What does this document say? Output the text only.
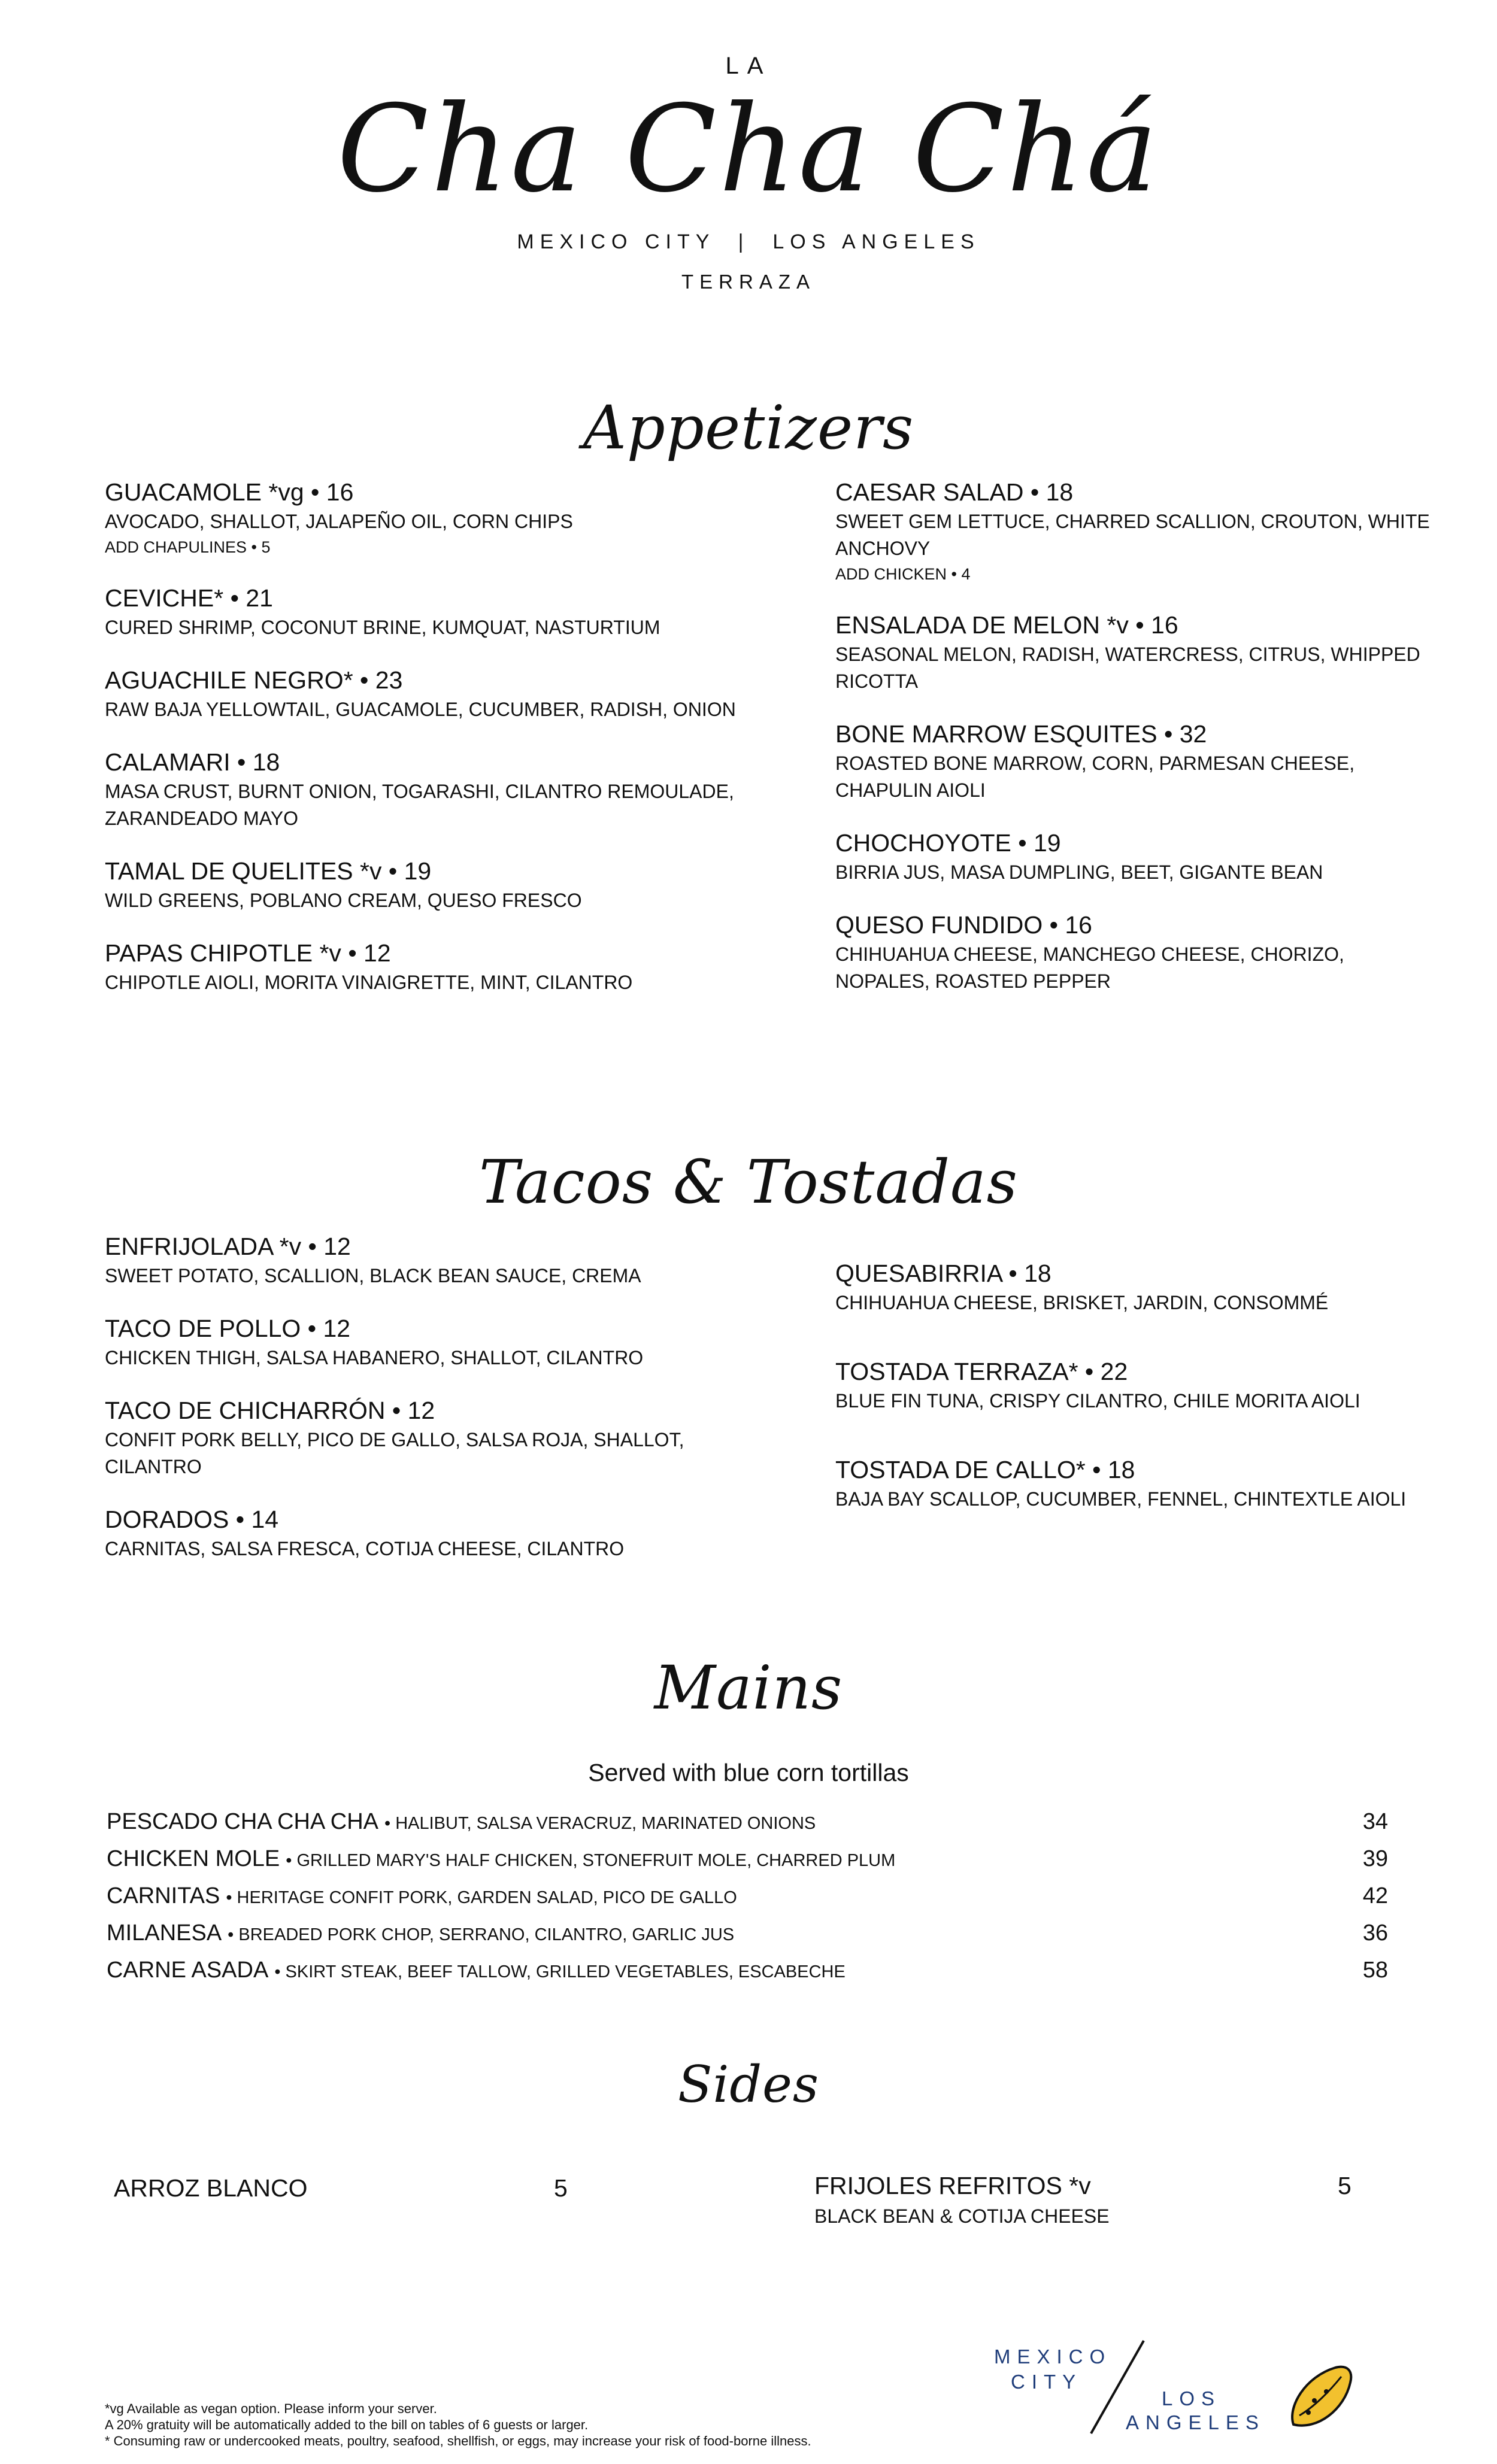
LA
Cha Cha Chá
MEXICO CITY  |  LOS ANGELES
TERRAZA
Appetizers
GUACAMOLE *vg • 16
AVOCADO, SHALLOT, JALAPEÑO OIL, CORN CHIPS
ADD CHAPULINES • 5
CEVICHE* • 21
CURED SHRIMP, COCONUT BRINE, KUMQUAT, NASTURTIUM
AGUACHILE NEGRO* • 23
RAW BAJA YELLOWTAIL, GUACAMOLE, CUCUMBER, RADISH, ONION
CALAMARI • 18
MASA CRUST, BURNT ONION, TOGARASHI, CILANTRO REMOULADE, ZARANDEADO MAYO
TAMAL DE QUELITES *v • 19
WILD GREENS, POBLANO CREAM, QUESO FRESCO
PAPAS CHIPOTLE *v • 12
CHIPOTLE AIOLI, MORITA VINAIGRETTE, MINT, CILANTRO
CAESAR SALAD • 18
SWEET GEM LETTUCE, CHARRED SCALLION, CROUTON, WHITE ANCHOVY
ADD CHICKEN • 4
ENSALADA DE MELON *v • 16
SEASONAL MELON, RADISH, WATERCRESS, CITRUS, WHIPPED RICOTTA
BONE MARROW ESQUITES • 32
ROASTED BONE MARROW, CORN, PARMESAN CHEESE, CHAPULIN AIOLI
CHOCHOYOTE • 19
BIRRIA JUS, MASA DUMPLING, BEET, GIGANTE BEAN
QUESO FUNDIDO • 16
CHIHUAHUA CHEESE, MANCHEGO CHEESE, CHORIZO, NOPALES, ROASTED PEPPER
Tacos & Tostadas
ENFRIJOLADA *v • 12
SWEET POTATO, SCALLION, BLACK BEAN SAUCE, CREMA
TACO DE POLLO • 12
CHICKEN THIGH, SALSA HABANERO, SHALLOT, CILANTRO
TACO DE CHICHARRÓN • 12
CONFIT PORK BELLY, PICO DE GALLO, SALSA ROJA, SHALLOT, CILANTRO
DORADOS • 14
CARNITAS, SALSA FRESCA, COTIJA CHEESE, CILANTRO
QUESABIRRIA • 18
CHIHUAHUA CHEESE, BRISKET, JARDIN, CONSOMMÉ
TOSTADA TERRAZA* • 22
BLUE FIN TUNA, CRISPY CILANTRO, CHILE MORITA AIOLI
TOSTADA DE CALLO* • 18
BAJA BAY SCALLOP, CUCUMBER, FENNEL, CHINTEXTLE AIOLI
Mains
Served with blue corn tortillas
PESCADO CHA CHA CHA • HALIBUT, SALSA VERACRUZ, MARINATED ONIONS	34
CHICKEN MOLE • GRILLED MARY'S HALF CHICKEN, STONEFRUIT MOLE, CHARRED PLUM	39
CARNITAS • HERITAGE CONFIT PORK, GARDEN SALAD, PICO DE GALLO	42
MILANESA • BREADED PORK CHOP, SERRANO, CILANTRO, GARLIC JUS	36
CARNE ASADA • SKIRT STEAK, BEEF TALLOW, GRILLED VEGETABLES, ESCABECHE	58
Sides
ARROZ BLANCO	5	FRIJOLES REFRITOS *v	5
BLACK BEAN & COTIJA CHEESE
*vg Available as vegan option. Please inform your server.
A 20% gratuity will be automatically added to the bill on tables of 6 guests or larger.
* Consuming raw or undercooked meats, poultry, seafood, shellfish, or eggs, may increase your risk of food-borne illness.
MEXICO
CITY
LOS
ANGELES
